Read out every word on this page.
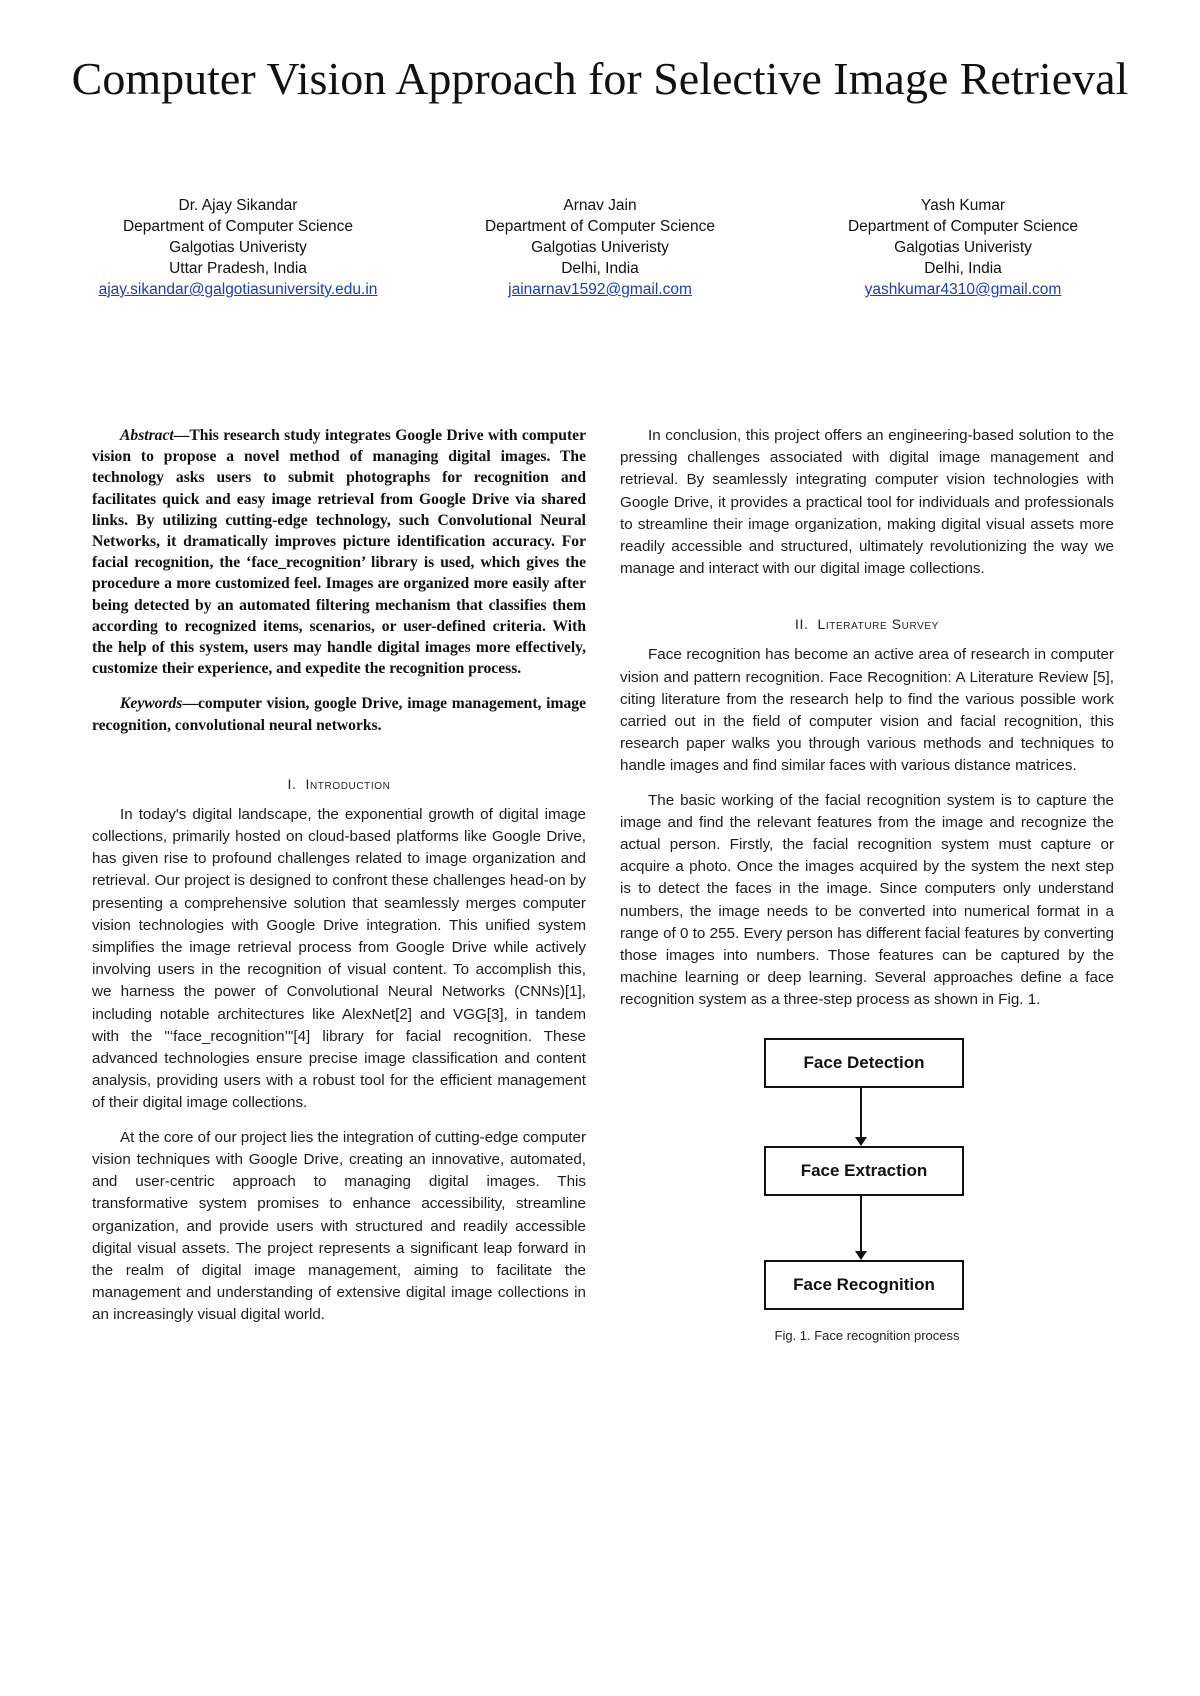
Computer Vision Approach for Selective Image Retrieval
Dr. Ajay Sikandar
Department of Computer Science
Galgotias Univeristy
Uttar Pradesh, India
ajay.sikandar@galgotiasuniversity.edu.in
Arnav Jain
Department of Computer Science
Galgotias Univeristy
Delhi, India
jainarnav1592@gmail.com
Yash Kumar
Department of Computer Science
Galgotias Univeristy
Delhi, India
yashkumar4310@gmail.com

Abstract—This research study integrates Google Drive with computer vision to propose a novel method of managing digital images. The technology asks users to submit photographs for recognition and facilitates quick and easy image retrieval from Google Drive via shared links. By utilizing cutting-edge technology, such Convolutional Neural Networks, it dramatically improves picture identification accuracy. For facial recognition, the ‘face_recognition’ library is used, which gives the procedure a more customized feel. Images are organized more easily after being detected by an automated filtering mechanism that classifies them according to recognized items, scenarios, or user-defined criteria. With the help of this system, users may handle digital images more effectively, customize their experience, and expedite the recognition process.

Keywords—computer vision, google Drive, image management, image recognition, convolutional neural networks.

I. Introduction

In today's digital landscape, the exponential growth of digital image collections, primarily hosted on cloud-based platforms like Google Drive, has given rise to profound challenges related to image organization and retrieval. Our project is designed to confront these challenges head-on by presenting a comprehensive solution that seamlessly merges computer vision technologies with Google Drive integration. This unified system simplifies the image retrieval process from Google Drive while actively involving users in the recognition of visual content. To accomplish this, we harness the power of Convolutional Neural Networks (CNNs)[1], including notable architectures like AlexNet[2] and VGG[3], in tandem with the "‘face_recognition’"[4] library for facial recognition. These advanced technologies ensure precise image classification and content analysis, providing users with a robust tool for the efficient management of their digital image collections.

At the core of our project lies the integration of cutting-edge computer vision techniques with Google Drive, creating an innovative, automated, and user-centric approach to managing digital images. This transformative system promises to enhance accessibility, streamline organization, and provide users with structured and readily accessible digital visual assets. The project represents a significant leap forward in the realm of digital image management, aiming to facilitate the management and understanding of extensive digital image collections in an increasingly visual digital world.

In conclusion, this project offers an engineering-based solution to the pressing challenges associated with digital image management and retrieval. By seamlessly integrating computer vision technologies with Google Drive, it provides a practical tool for individuals and professionals to streamline their image organization, making digital visual assets more readily accessible and structured, ultimately revolutionizing the way we manage and interact with our digital image collections.

II. Literature Survey

Face recognition has become an active area of research in computer vision and pattern recognition. Face Recognition: A Literature Review [5], citing literature from the research help to find the various possible work carried out in the field of computer vision and facial recognition, this research paper walks you through various methods and techniques to handle images and find similar faces with various distance matrices.

The basic working of the facial recognition system is to capture the image and find the relevant features from the image and recognize the actual person. Firstly, the facial recognition system must capture or acquire a photo. Once the images acquired by the system the next step is to detect the faces in the image. Since computers only understand numbers, the image needs to be converted into numerical format in a range of 0 to 255. Every person has different facial features by converting those images into numbers. Those features can be captured by the machine learning or deep learning. Several approaches define a face recognition system as a three-step process as shown in Fig. 1.

Face Detection
Face Extraction
Face Recognition
Fig. 1. Face recognition process
